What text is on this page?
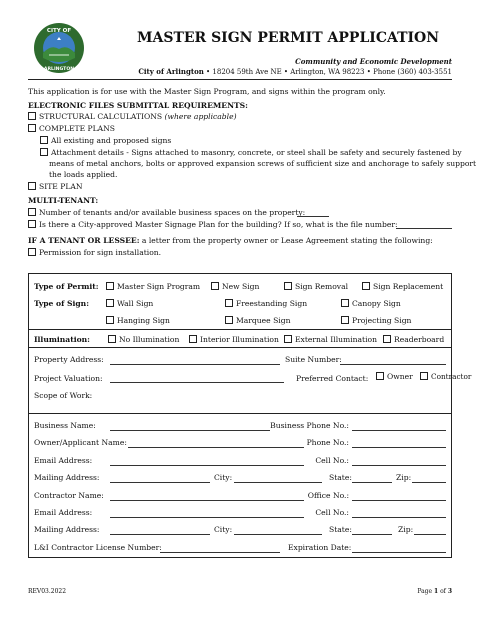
CITY OF
ARLINGTON
MASTER SIGN PERMIT APPLICATION
Community and Economic Development
City of Arlington • 18204 59th Ave NE • Arlington, WA 98223 • Phone (360) 403-3551
This application is for use with the Master Sign Program, and signs within the program only.
ELECTRONIC FILES SUBMITTAL REQUIREMENTS:
STRUCTURAL CALCULATIONS (where applicable)
COMPLETE PLANS
All existing and proposed signs
Attachment details - Signs attached to masonry, concrete, or steel shall be safety and securely fastened by
means of metal anchors, bolts or approved expansion screws of sufficient size and anchorage to safely support
the loads applied.
SITE PLAN
MULTI-TENANT:
Number of tenants and/or available business spaces on the property:
Is there a City-approved Master Signage Plan for the building? If so, what is the file number:
IF A TENANT OR LESSEE: a letter from the property owner or Lease Agreement stating the following:
Permission for sign installation.
Type of Permit:	Master Sign Program	New Sign	Sign Removal	Sign Replacement
Type of Sign:	Wall Sign	Freestanding Sign	Canopy Sign
Hanging Sign	Marquee Sign	Projecting Sign
Illumination:	No Illumination	Interior Illumination	External Illumination	Readerboard
Property Address:	Suite Number:
Project Valuation:	Preferred Contact:	Owner	Contractor
Scope of Work:
Business Name:	Business Phone No.:
Owner/Applicant Name:	Phone No.:
Email Address:	Cell No.:
Mailing Address:	City:	State:	Zip:
Contractor Name:	Office No.:
Email Address:	Cell No.:
Mailing Address:	City:	State:	Zip:
L&I Contractor License Number:	Expiration Date:
REV03.2022	Page 1 of 3
